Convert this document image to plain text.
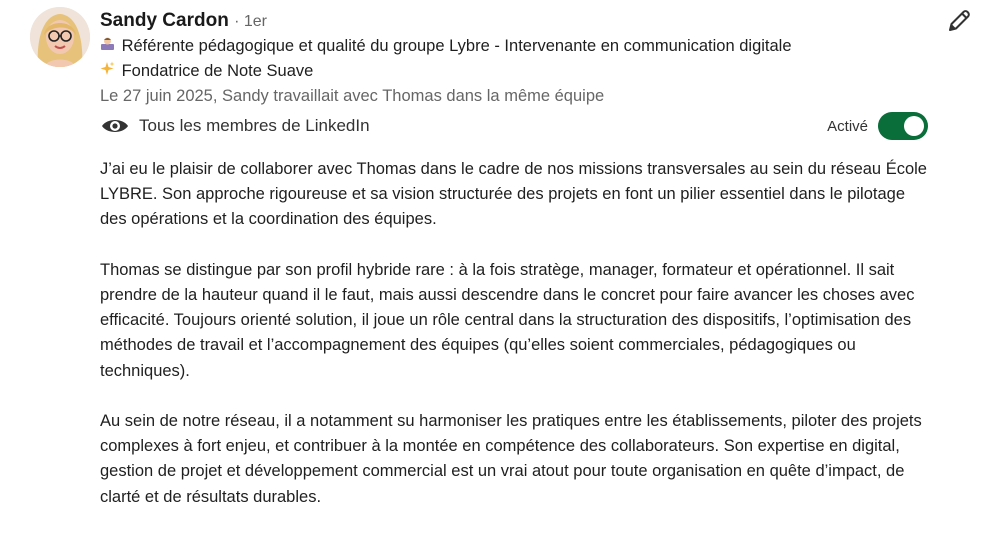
Sandy Cardon · 1er
Référente pédagogique et qualité du groupe Lybre - Intervenante en communication digitale
Fondatrice de Note Suave
Le 27 juin 2025, Sandy travaillait avec Thomas dans la même équipe
Tous les membres de LinkedIn	Activé

J’ai eu le plaisir de collaborer avec Thomas dans le cadre de nos missions transversales au sein du réseau École LYBRE. Son approche rigoureuse et sa vision structurée des projets en font un pilier essentiel dans le pilotage des opérations et la coordination des équipes.

Thomas se distingue par son profil hybride rare : à la fois stratège, manager, formateur et opérationnel. Il sait prendre de la hauteur quand il le faut, mais aussi descendre dans le concret pour faire avancer les choses avec efficacité. Toujours orienté solution, il joue un rôle central dans la structuration des dispositifs, l’optimisation des méthodes de travail et l’accompagnement des équipes (qu’elles soient commerciales, pédagogiques ou techniques).

Au sein de notre réseau, il a notamment su harmoniser les pratiques entre les établissements, piloter des projets complexes à fort enjeu, et contribuer à la montée en compétence des collaborateurs. Son expertise en digital, gestion de projet et développement commercial est un vrai atout pour toute organisation en quête d’impact, de clarté et de résultats durables.
